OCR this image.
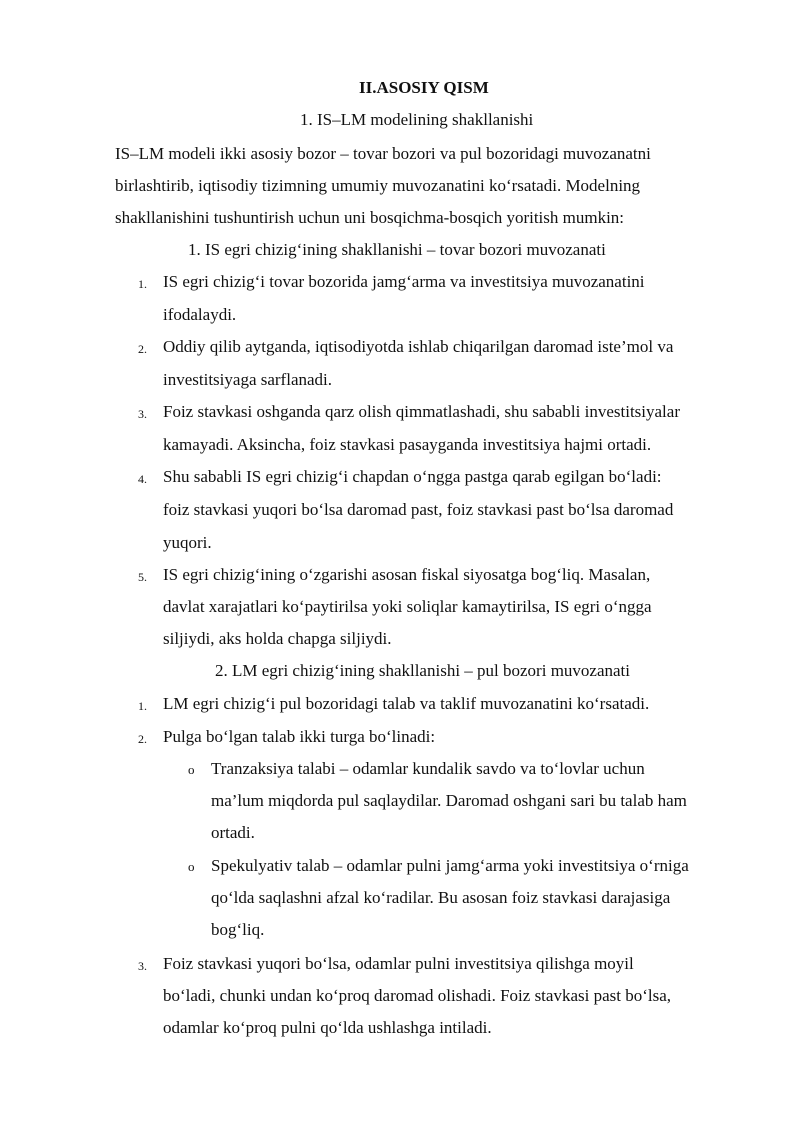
II.ASOSIY QISM
1. IS–LM modelining shakllanishi
IS–LM modeli ikki asosiy bozor – tovar bozori va pul bozoridagi muvozanatni
birlashtirib, iqtisodiy tizimning umumiy muvozanatini ko‘rsatadi. Modelning
shakllanishini tushuntirish uchun uni bosqichma-bosqich yoritish mumkin:
1. IS egri chizig‘ining shakllanishi – tovar bozori muvozanati
1. IS egri chizig‘i tovar bozorida jamg‘arma va investitsiya muvozanatini
ifodalaydi.
2. Oddiy qilib aytganda, iqtisodiyotda ishlab chiqarilgan daromad iste’mol va
investitsiyaga sarflanadi.
3. Foiz stavkasi oshganda qarz olish qimmatlashadi, shu sababli investitsiyalar
kamayadi. Aksincha, foiz stavkasi pasayganda investitsiya hajmi ortadi.
4. Shu sababli IS egri chizig‘i chapdan o‘ngga pastga qarab egilgan bo‘ladi:
foiz stavkasi yuqori bo‘lsa daromad past, foiz stavkasi past bo‘lsa daromad
yuqori.
5. IS egri chizig‘ining o‘zgarishi asosan fiskal siyosatga bog‘liq. Masalan,
davlat xarajatlari ko‘paytirilsa yoki soliqlar kamaytirilsa, IS egri o‘ngga
siljiydi, aks holda chapga siljiydi.
2. LM egri chizig‘ining shakllanishi – pul bozori muvozanati
1. LM egri chizig‘i pul bozoridagi talab va taklif muvozanatini ko‘rsatadi.
2. Pulga bo‘lgan talab ikki turga bo‘linadi:
o Tranzaksiya talabi – odamlar kundalik savdo va to‘lovlar uchun
ma’lum miqdorda pul saqlaydilar. Daromad oshgani sari bu talab ham
ortadi.
o Spekulyativ talab – odamlar pulni jamg‘arma yoki investitsiya o‘rniga
qo‘lda saqlashni afzal ko‘radilar. Bu asosan foiz stavkasi darajasiga
bog‘liq.
3. Foiz stavkasi yuqori bo‘lsa, odamlar pulni investitsiya qilishga moyil
bo‘ladi, chunki undan ko‘proq daromad olishadi. Foiz stavkasi past bo‘lsa,
odamlar ko‘proq pulni qo‘lda ushlashga intiladi.
